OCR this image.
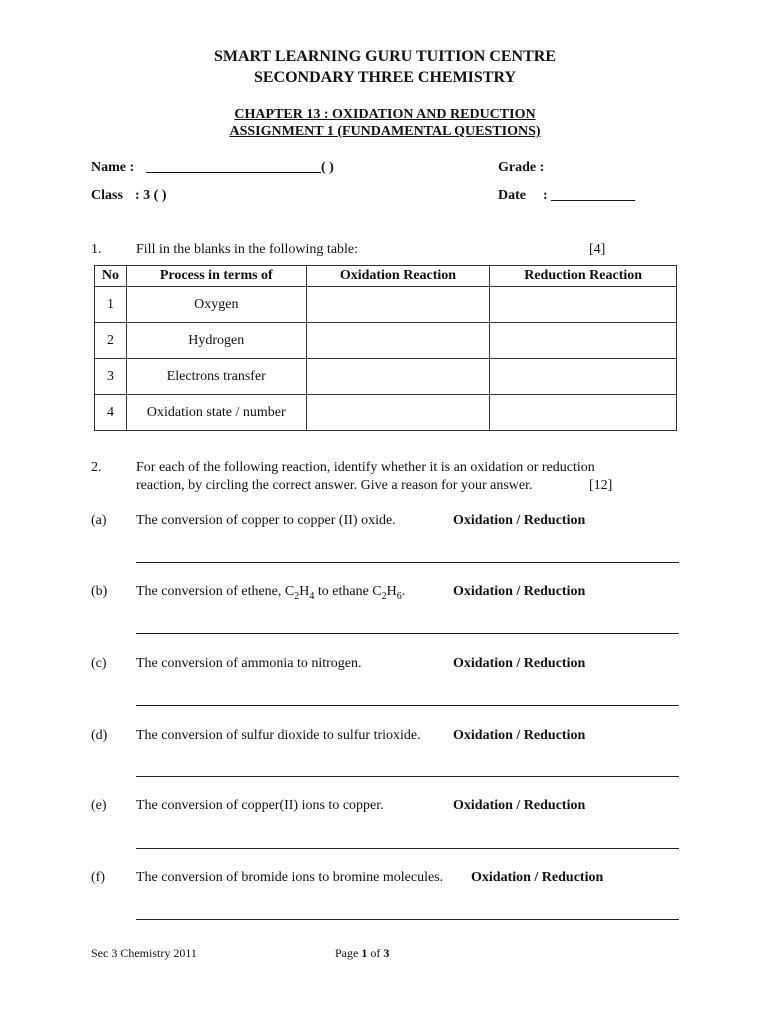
SMART LEARNING GURU TUITION CENTRE
SECONDARY THREE CHEMISTRY
CHAPTER 13 : OXIDATION AND REDUCTION
ASSIGNMENT 1 (FUNDAMENTAL QUESTIONS)
Name : _________________________( )	Grade :
Class : 3 ( )	Date : ____________
1. Fill in the blanks in the following table:	[4]
No	Process in terms of	Oxidation Reaction	Reduction Reaction
1	Oxygen		
2	Hydrogen		
3	Electrons transfer		
4	Oxidation state / number		
2. For each of the following reaction, identify whether it is an oxidation or reduction
reaction, by circling the correct answer. Give a reason for your answer.	[12]
(a) The conversion of copper to copper (II) oxide.	Oxidation / Reduction
(b) The conversion of ethene, $C_2H_4$ to ethane $C_2H_6$.	Oxidation / Reduction
(c) The conversion of ammonia to nitrogen.	Oxidation / Reduction
(d) The conversion of sulfur dioxide to sulfur trioxide. Oxidation / Reduction
(e) The conversion of copper(II) ions to copper.	Oxidation / Reduction
(f) The conversion of bromide ions to bromine molecules. Oxidation / Reduction
Sec 3 Chemistry 2011	Page 1 of 3
